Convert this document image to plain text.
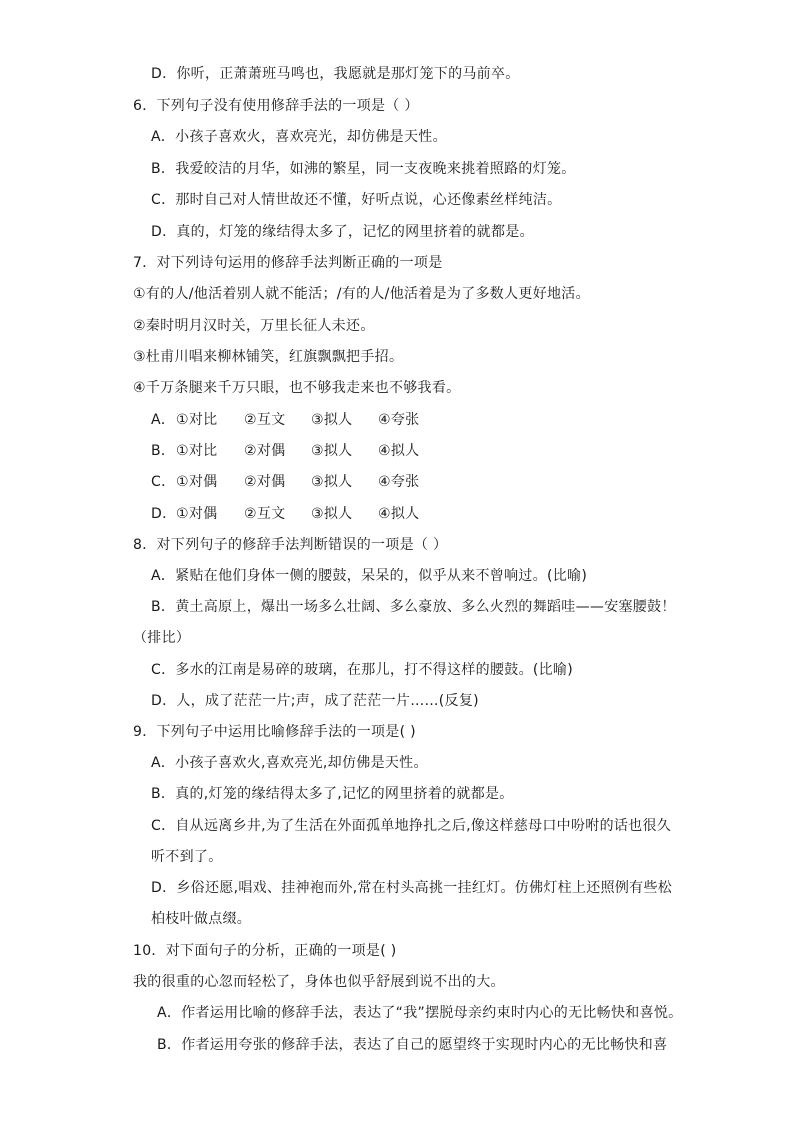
D．你听，正萧萧班马鸣也，我愿就是那灯笼下的马前卒。
6．下列句子没有使用修辞手法的一项是（ ）
A．小孩子喜欢火，喜欢亮光，却仿佛是天性。
B．我爱皎洁的月华，如沸的繁星，同一支夜晚来挑着照路的灯笼。
C．那时自己对人情世故还不懂，好听点说，心还像素丝样纯洁。
D．真的，灯笼的缘结得太多了，记忆的网里挤着的就都是。
7．对下列诗句运用的修辞手法判断正确的一项是
①有的人/他活着别人就不能活；/有的人/他活着是为了多数人更好地活。
②秦时明月汉时关，万里长征人未还。
③杜甫川唱来柳林铺笑，红旗飘飘把手招。
④千万条腿来千万只眼，也不够我走来也不够我看。
A．①对比 ②互文 ③拟人 ④夸张
B．①对比 ②对偶 ③拟人 ④拟人
C．①对偶 ②对偶 ③拟人 ④夸张
D．①对偶 ②互文 ③拟人 ④拟人
8．对下列句子的修辞手法判断错误的一项是（ ）
A．紧贴在他们身体一侧的腰鼓，呆呆的，似乎从来不曾响过。(比喻)
B．黄土高原上，爆出一场多么壮阔、多么豪放、多么火烈的舞蹈哇——安塞腰鼓！
（排比）
C．多水的江南是易碎的玻璃，在那儿，打不得这样的腰鼓。(比喻)
D．人，成了茫茫一片;声，成了茫茫一片……(反复)
9．下列句子中运用比喻修辞手法的一项是( )
A．小孩子喜欢火,喜欢亮光,却仿佛是天性。
B．真的,灯笼的缘结得太多了,记忆的网里挤着的就都是。
C．自从远离乡井,为了生活在外面孤单地挣扎之后,像这样慈母口中吩咐的话也很久
听不到了。
D．乡俗还愿,唱戏、挂神袍而外,常在村头高挑一挂红灯。仿佛灯柱上还照例有些松
柏枝叶做点缀。
10．对下面句子的分析，正确的一项是( )
我的很重的心忽而轻松了，身体也似乎舒展到说不出的大。
A．作者运用比喻的修辞手法，表达了“我”摆脱母亲约束时内心的无比畅快和喜悦。
B．作者运用夸张的修辞手法，表达了自己的愿望终于实现时内心的无比畅快和喜
